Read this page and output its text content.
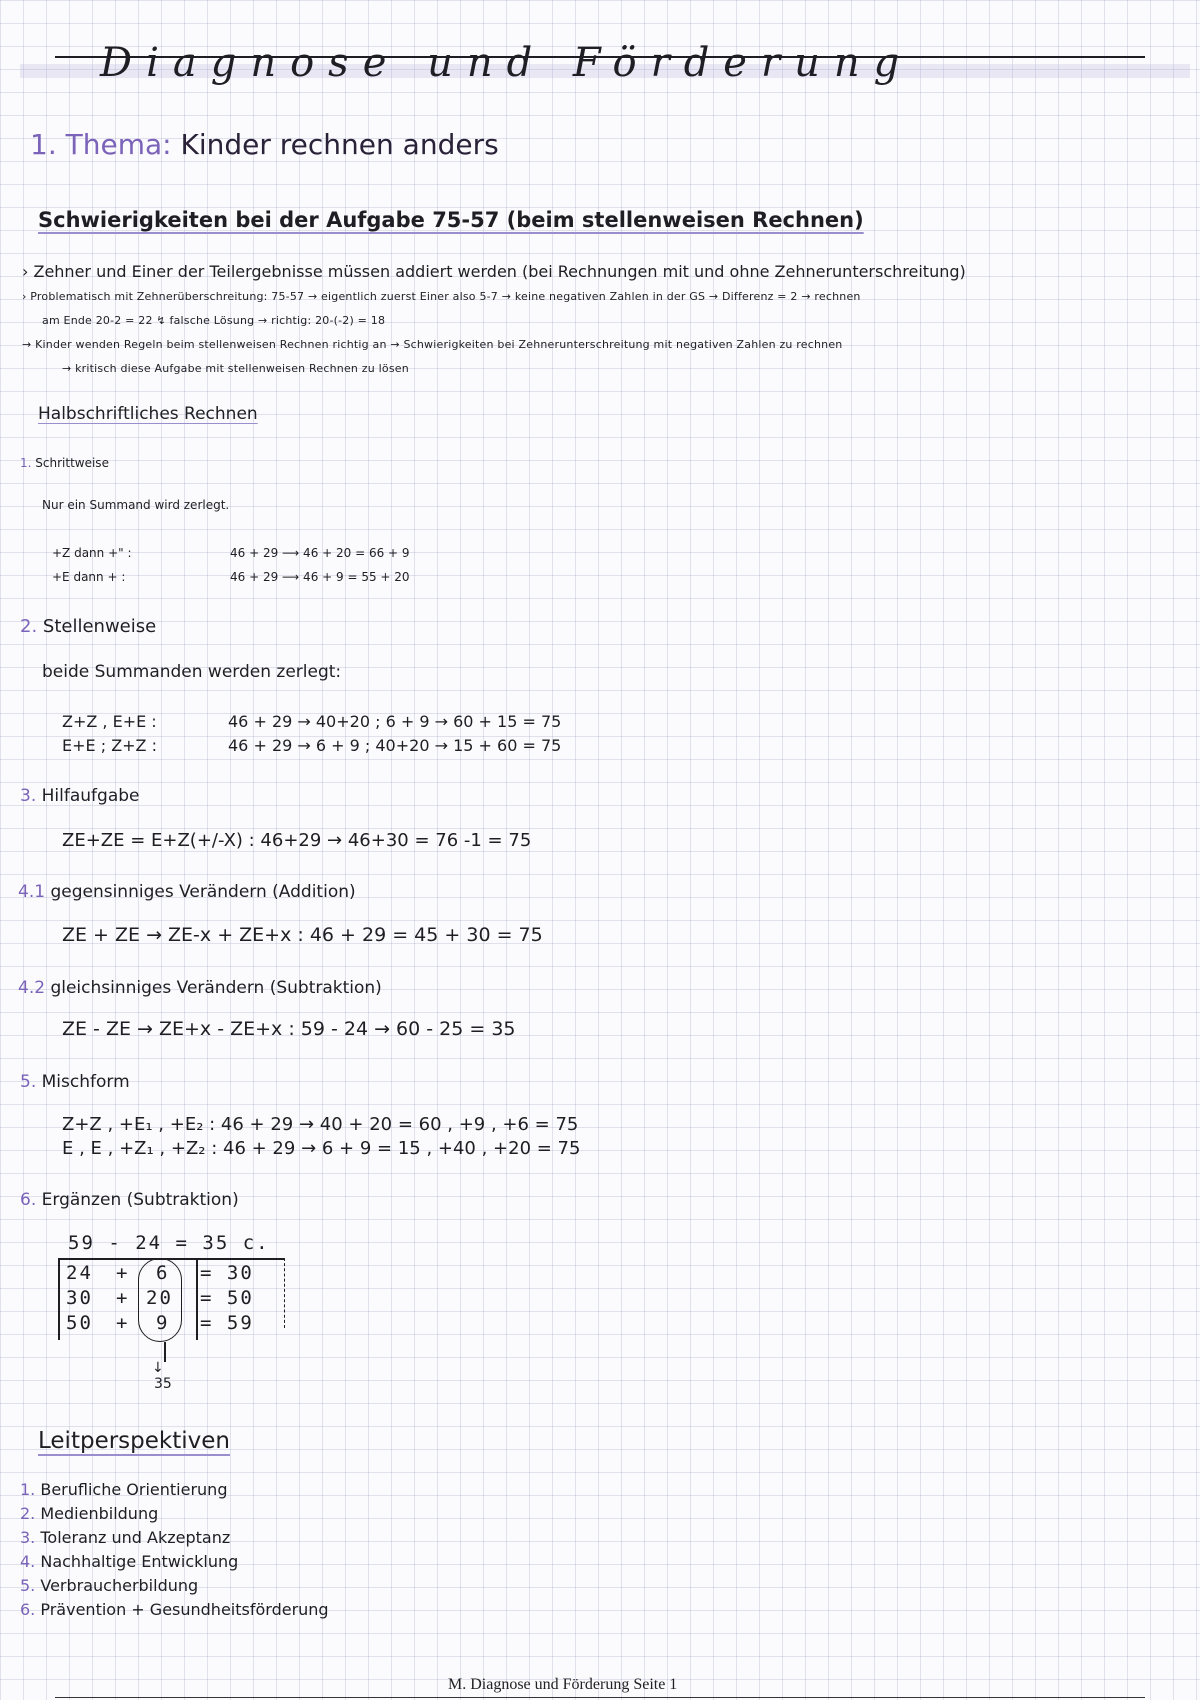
Diagnose und Förderung
1. Thema: Kinder rechnen anders
Schwierigkeiten bei der Aufgabe 75-57 (beim stellenweisen Rechnen)
› Zehner und Einer der Teilergebnisse müssen addiert werden (bei Rechnungen mit und ohne Zehnerunterschreitung)
› Problematisch mit Zehnerüberschreitung: 75-57 → eigentlich zuerst Einer also 5-7 → keine negativen Zahlen in der GS → Differenz = 2 → rechnen
am Ende 20-2 = 22 ↯ falsche Lösung → richtig: 20-(-2) = 18
→ Kinder wenden Regeln beim stellenweisen Rechnen richtig an → Schwierigkeiten bei Zehnerunterschreitung mit negativen Zahlen zu rechnen
→ kritisch diese Aufgabe mit stellenweisen Rechnen zu lösen
Halbschriftliches Rechnen
1. Schrittweise
Nur ein Summand wird zerlegt.
+Z dann +" :	46 + 29 ⟶ 46 + 20 = 66 + 9
+E dann + :	46 + 29 ⟶ 46 + 9 = 55 + 20
2. Stellenweise
beide Summanden werden zerlegt:
Z+Z , E+E :	46 + 29 → 40+20 ; 6 + 9 → 60 + 15 = 75
E+E ; Z+Z :	46 + 29 → 6 + 9 ; 40+20 → 15 + 60 = 75
3. Hilfaufgabe
ZE+ZE = E+Z(+/-X) : 46+29 → 46+30 = 76 -1 = 75
4.1 gegensinniges Verändern (Addition)
ZE + ZE → ZE-x + ZE+x : 46 + 29 = 45 + 30 = 75
4.2 gleichsinniges Verändern (Subtraktion)
ZE - ZE → ZE+x - ZE+x : 59 - 24 → 60 - 25 = 35
5. Mischform
Z+Z , +E₁ , +E₂ : 46 + 29 → 40 + 20 = 60 , +9 , +6 = 75
E , E , +Z₁ , +Z₂ : 46 + 29 → 6 + 9 = 15 , +40 , +20 = 75
6. Ergänzen (Subtraktion)
59 - 24 = 35 c.
24 + 6 = 30
30 + 20 = 50
50 + 9 = 59
↓
35
Leitperspektiven
1. Berufliche Orientierung
2. Medienbildung
3. Toleranz und Akzeptanz
4. Nachhaltige Entwicklung
5. Verbraucherbildung
6. Prävention + Gesundheitsförderung
M. Diagnose und Förderung Seite 1
